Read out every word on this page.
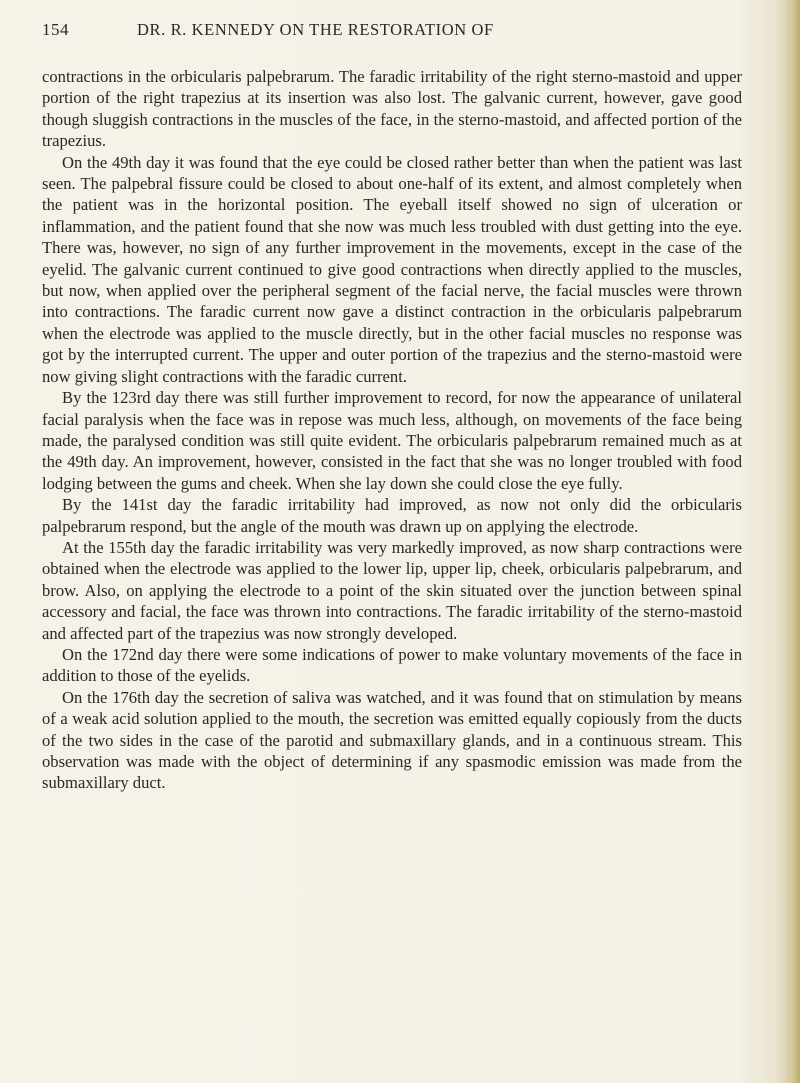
154	DR. R. KENNEDY ON THE RESTORATION OF

contractions in the orbicularis palpebrarum. The faradic irritability of the right sterno-mastoid and upper portion of the right trapezius at its insertion was also lost. The galvanic current, however, gave good though sluggish contractions in the muscles of the face, in the sterno-mastoid, and affected portion of the trapezius.

On the 49th day it was found that the eye could be closed rather better than when the patient was last seen. The palpebral fissure could be closed to about one-half of its extent, and almost completely when the patient was in the horizontal position. The eyeball itself showed no sign of ulceration or inflammation, and the patient found that she now was much less troubled with dust getting into the eye. There was, however, no sign of any further improvement in the movements, except in the case of the eyelid. The galvanic current continued to give good contractions when directly applied to the muscles, but now, when applied over the peripheral segment of the facial nerve, the facial muscles were thrown into contractions. The faradic current now gave a distinct contraction in the orbicularis palpebrarum when the electrode was applied to the muscle directly, but in the other facial muscles no response was got by the interrupted current. The upper and outer portion of the trapezius and the sterno-mastoid were now giving slight contractions with the faradic current.

By the 123rd day there was still further improvement to record, for now the appearance of unilateral facial paralysis when the face was in repose was much less, although, on movements of the face being made, the paralysed condition was still quite evident. The orbicularis palpebrarum remained much as at the 49th day. An improvement, however, consisted in the fact that she was no longer troubled with food lodging between the gums and cheek. When she lay down she could close the eye fully.

By the 141st day the faradic irritability had improved, as now not only did the orbicularis palpebrarum respond, but the angle of the mouth was drawn up on applying the electrode.

At the 155th day the faradic irritability was very markedly improved, as now sharp contractions were obtained when the electrode was applied to the lower lip, upper lip, cheek, orbicularis palpebrarum, and brow. Also, on applying the electrode to a point of the skin situated over the junction between spinal accessory and facial, the face was thrown into contractions. The faradic irritability of the sterno-mastoid and affected part of the trapezius was now strongly developed.

On the 172nd day there were some indications of power to make voluntary movements of the face in addition to those of the eyelids.

On the 176th day the secretion of saliva was watched, and it was found that on stimulation by means of a weak acid solution applied to the mouth, the secretion was emitted equally copiously from the ducts of the two sides in the case of the parotid and submaxillary glands, and in a continuous stream. This observation was made with the object of determining if any spasmodic emission was made from the submaxillary duct.
